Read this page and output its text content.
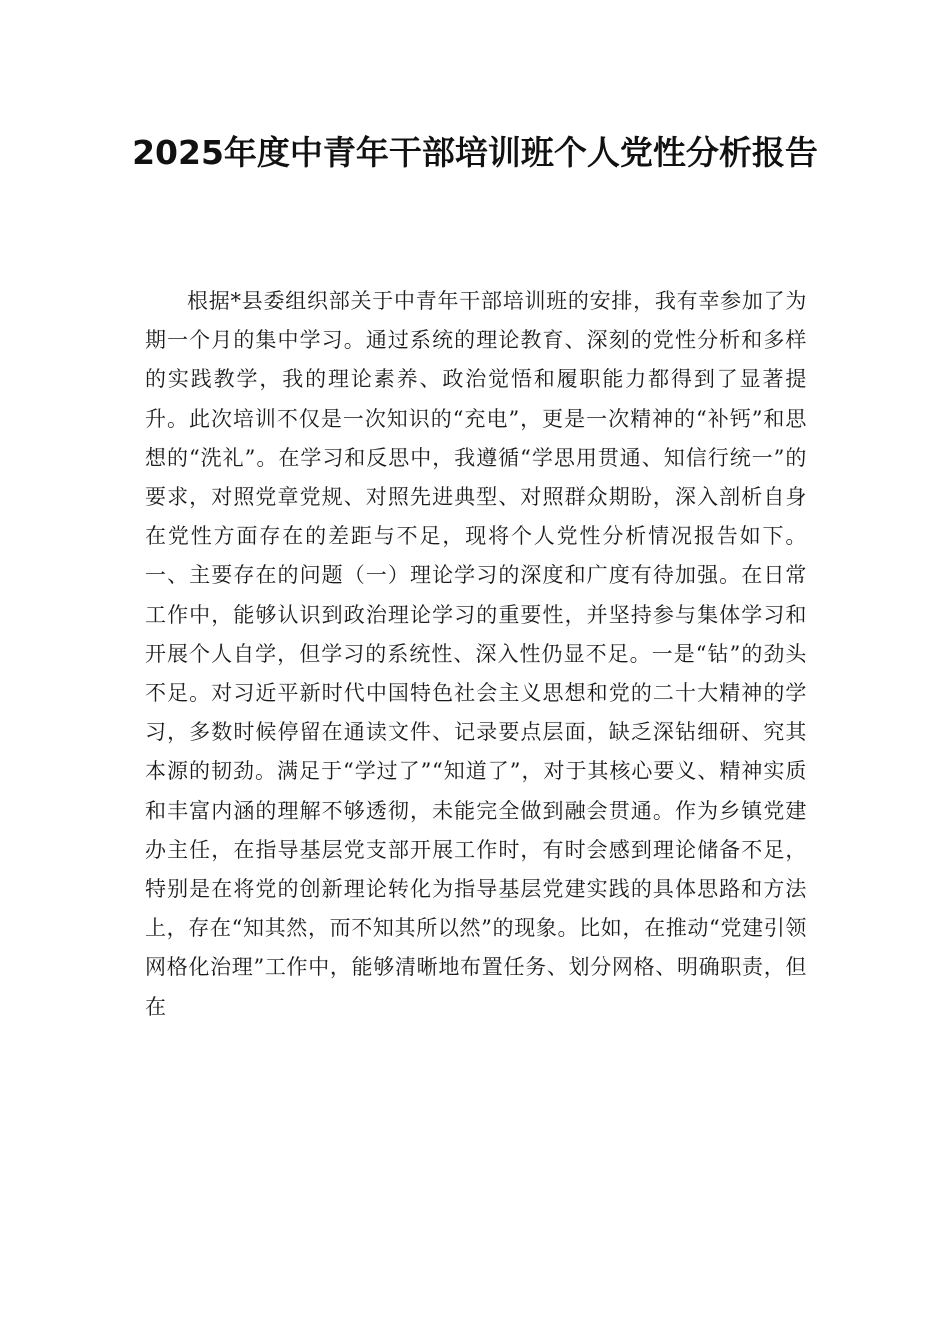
2025年度中青年干部培训班个人党性分析报告

根据*县委组织部关于中青年干部培训班的安排，我有幸参加了为期一个月的集中学习。通过系统的理论教育、深刻的党性分析和多样的实践教学，我的理论素养、政治觉悟和履职能力都得到了显著提升。此次培训不仅是一次知识的“充电”，更是一次精神的“补钙”和思想的“洗礼”。在学习和反思中，我遵循“学思用贯通、知信行统一”的要求，对照党章党规、对照先进典型、对照群众期盼，深入剖析自身在党性方面存在的差距与不足，现将个人党性分析情况报告如下。一、主要存在的问题（一）理论学习的深度和广度有待加强。在日常工作中，能够认识到政治理论学习的重要性，并坚持参与集体学习和开展个人自学，但学习的系统性、深入性仍显不足。一是“钻”的劲头不足。对习近平新时代中国特色社会主义思想和党的二十大精神的学习，多数时候停留在通读文件、记录要点层面，缺乏深钻细研、究其本源的韧劲。满足于“学过了”“知道了”，对于其核心要义、精神实质和丰富内涵的理解不够透彻，未能完全做到融会贯通。作为乡镇党建办主任，在指导基层党支部开展工作时，有时会感到理论储备不足，特别是在将党的创新理论转化为指导基层党建实践的具体思路和方法上，存在“知其然，而不知其所以然”的现象。比如，在推动“党建引领网格化治理”工作中，能够清晰地布置任务、划分网格、明确职责，但在
